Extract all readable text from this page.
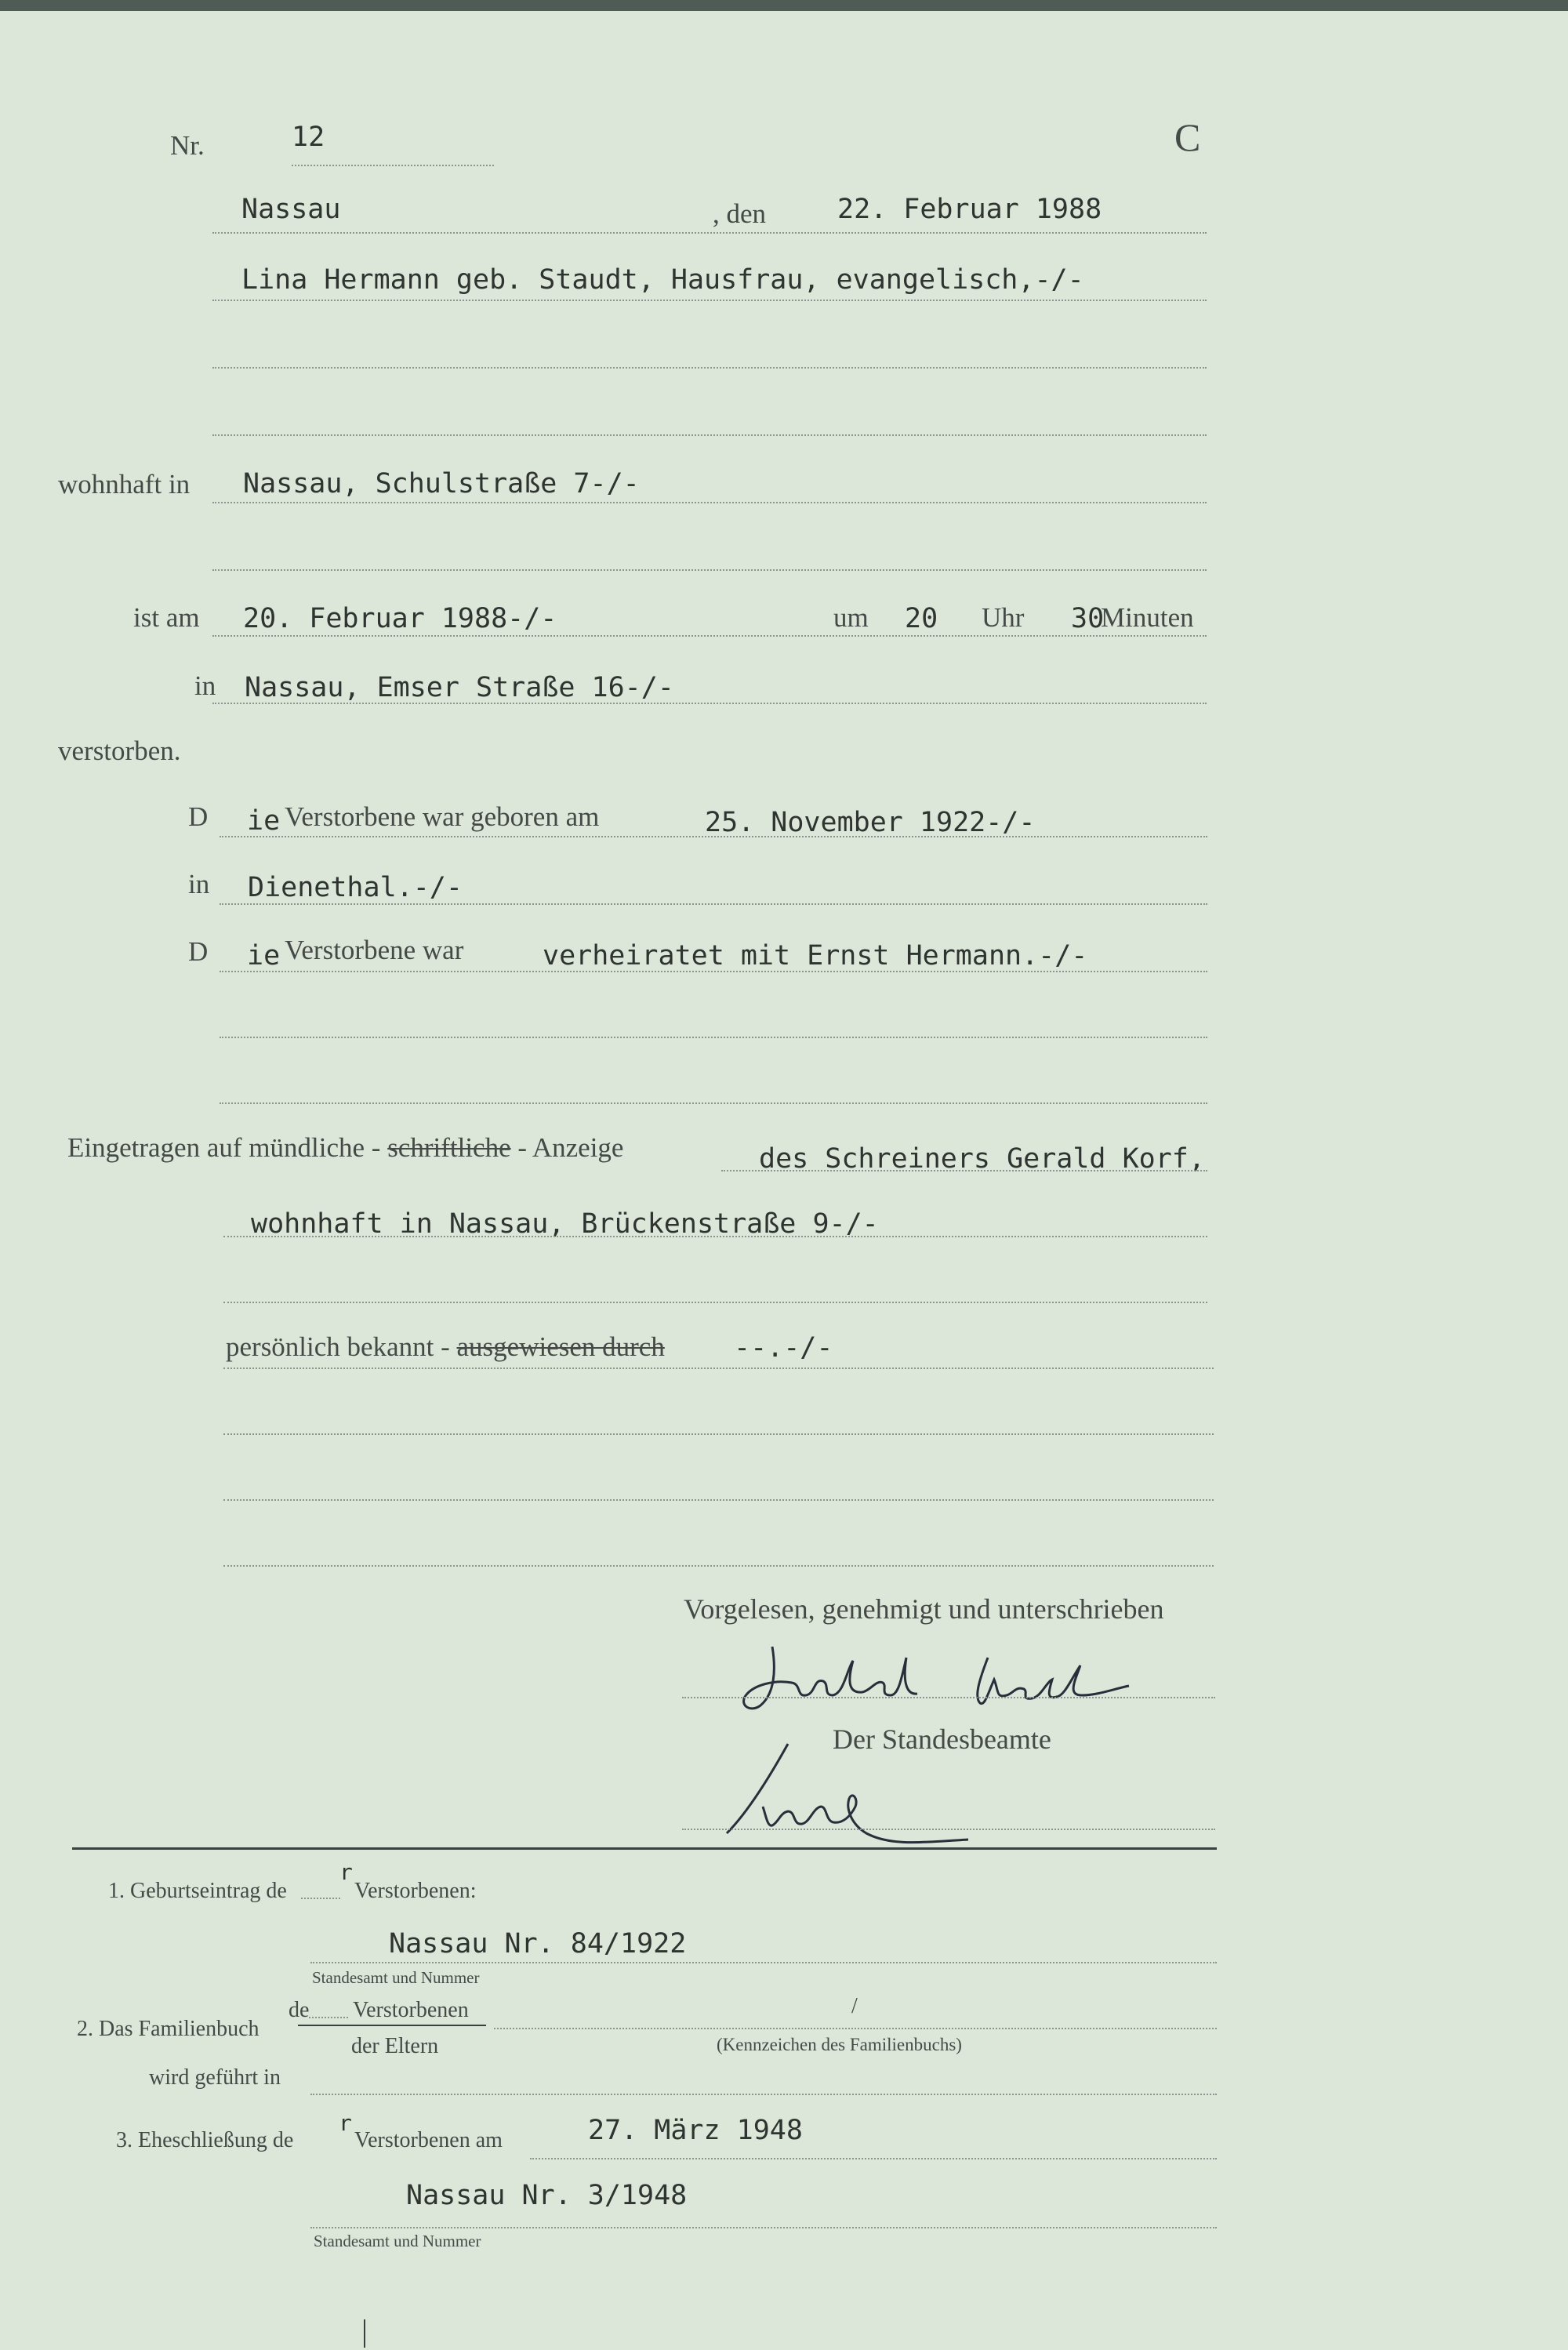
Nr.	12	C
Nassau	, den	22. Februar 1988
Lina Hermann geb. Staudt, Hausfrau, evangelisch,-/-
wohnhaft in Nassau, Schulstraße 7-/-
ist am 20. Februar 1988-/-	um 20 Uhr 30
Minuten
in Nassau, Emser Straße 16-/-
verstorben.
D ie Verstorbene war geboren am	25. November 1922-/-
in Dienethal.-/-
D ie Verstorbene war	verheiratet mit Ernst Hermann.-/-
Eingetragen auf mündliche - schriftliche - Anzeige	des Schreiners Gerald Korf,
wohnhaft in Nassau, Brückenstraße 9-/-
persönlich bekannt - ausgewiesen durch	--.-/-
Vorgelesen, genehmigt und unterschrieben
Der Standesbeamte
1. Geburtseintrag de
r
Verstorbenen:
Nassau Nr. 84/1922
Standesamt und Nummer
de Verstorbenen
2. Das Familienbuch
/
der Eltern	(Kennzeichen des Familienbuchs)
wird geführt in
3. Eheschließung de
r
Verstorbenen am	27. März 1948
Nassau Nr. 3/1948
Standesamt und Nummer
